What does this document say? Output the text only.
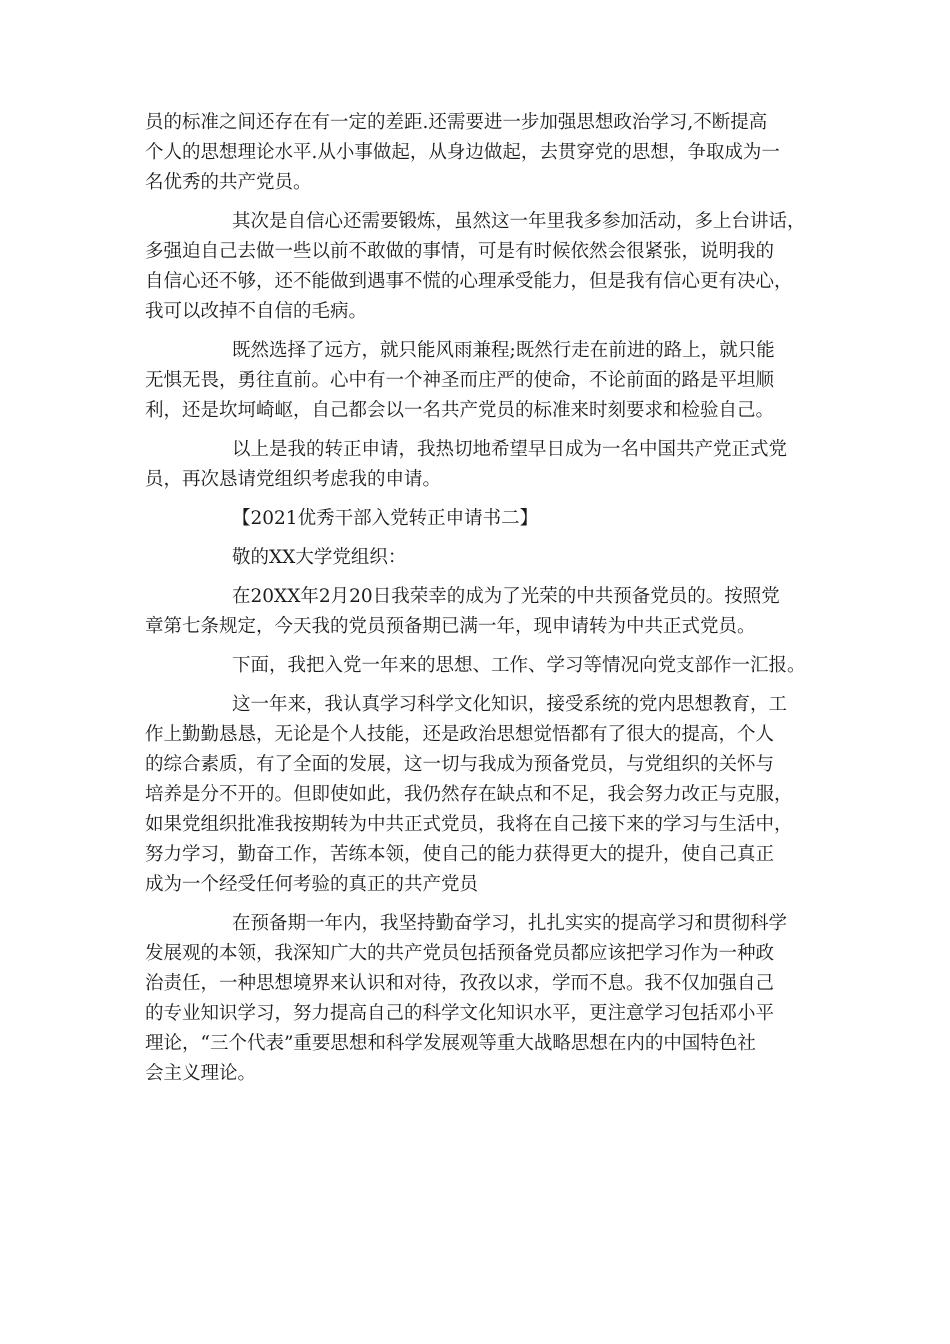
员的标准之间还存在有一定的差距.还需要进一步加强思想政治学习,不断提高
个人的思想理论水平.从小事做起，从身边做起，去贯穿党的思想，争取成为一
名优秀的共产党员。
其次是自信心还需要锻炼，虽然这一年里我多参加活动，多上台讲话，
多强迫自己去做一些以前不敢做的事情，可是有时候依然会很紧张，说明我的
自信心还不够，还不能做到遇事不慌的心理承受能力，但是我有信心更有决心，
我可以改掉不自信的毛病。
既然选择了远方，就只能风雨兼程;既然行走在前进的路上，就只能
无惧无畏，勇往直前。心中有一个神圣而庄严的使命，不论前面的路是平坦顺
利，还是坎坷崎岖，自己都会以一名共产党员的标准来时刻要求和检验自己。
以上是我的转正申请，我热切地希望早日成为一名中国共产党正式党
员，再次恳请党组织考虑我的申请。
【2021优秀干部入党转正申请书二】
敬的XX大学党组织：
在20XX年2月20日我荣幸的成为了光荣的中共预备党员的。按照党
章第七条规定，今天我的党员预备期已满一年，现申请转为中共正式党员。
下面，我把入党一年来的思想、工作、学习等情况向党支部作一汇报。
这一年来，我认真学习科学文化知识，接受系统的党内思想教育，工
作上勤勤恳恳，无论是个人技能，还是政治思想觉悟都有了很大的提高，个人
的综合素质，有了全面的发展，这一切与我成为预备党员，与党组织的关怀与
培养是分不开的。但即使如此，我仍然存在缺点和不足，我会努力改正与克服，
如果党组织批准我按期转为中共正式党员，我将在自己接下来的学习与生活中，
努力学习，勤奋工作，苦练本领，使自己的能力获得更大的提升，使自己真正
成为一个经受任何考验的真正的共产党员
在预备期一年内，我坚持勤奋学习，扎扎实实的提高学习和贯彻科学
发展观的本领，我深知广大的共产党员包括预备党员都应该把学习作为一种政
治责任，一种思想境界来认识和对待，孜孜以求，学而不息。我不仅加强自己
的专业知识学习，努力提高自己的科学文化知识水平，更注意学习包括邓小平
理论，“三个代表”重要思想和科学发展观等重大战略思想在内的中国特色社
会主义理论。
